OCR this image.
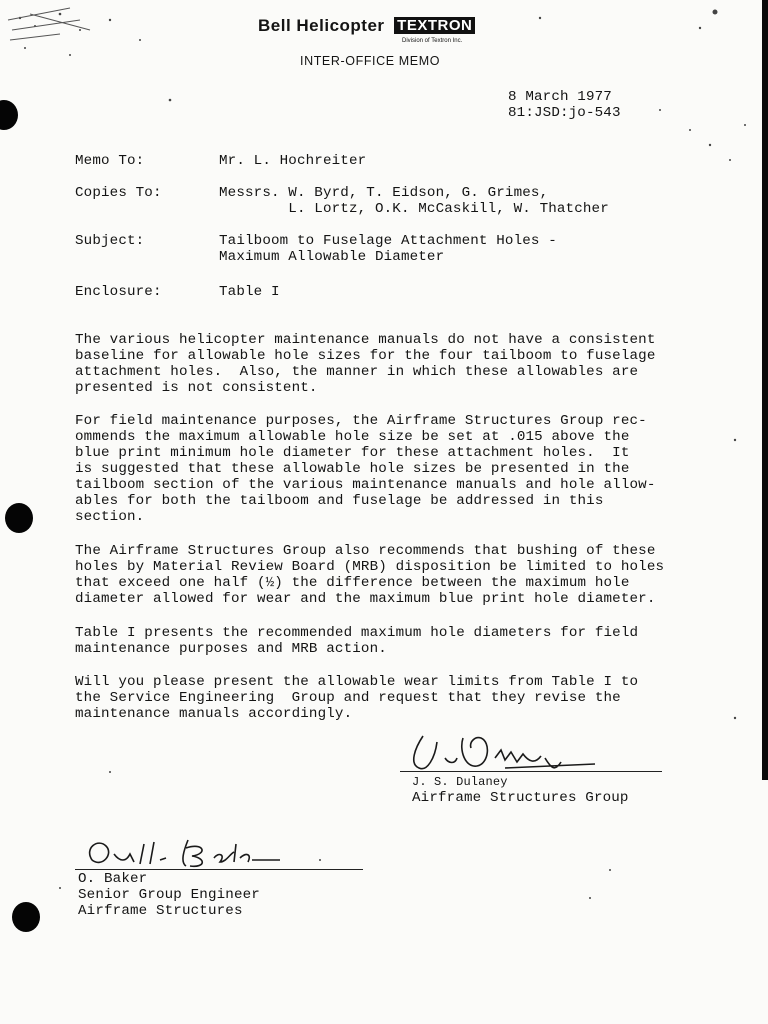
Bell Helicopter TEXTRON
Division of Textron Inc.
INTER-OFFICE MEMO
8 March 1977
81:JSD:jo-543
Memo To:	Mr. L. Hochreiter
Copies To:	Messrs. W. Byrd, T. Eidson, G. Grimes,
L. Lortz, O.K. McCaskill, W. Thatcher
Subject:	Tailboom to Fuselage Attachment Holes -
Maximum Allowable Diameter
Enclosure:	Table I
The various helicopter maintenance manuals do not have a consistent
baseline for allowable hole sizes for the four tailboom to fuselage
attachment holes.  Also, the manner in which these allowables are
presented is not consistent.
For field maintenance purposes, the Airframe Structures Group rec-
ommends the maximum allowable hole size be set at .015 above the
blue print minimum hole diameter for these attachment holes.  It
is suggested that these allowable hole sizes be presented in the
tailboom section of the various maintenance manuals and hole allow-
ables for both the tailboom and fuselage be addressed in this
section.
The Airframe Structures Group also recommends that bushing of these
holes by Material Review Board (MRB) disposition be limited to holes
that exceed one half (½) the difference between the maximum hole
diameter allowed for wear and the maximum blue print hole diameter.
Table I presents the recommended maximum hole diameters for field
maintenance purposes and MRB action.
Will you please present the allowable wear limits from Table I to
the Service Engineering  Group and request that they revise the
maintenance manuals accordingly.
J. S. Dulaney
Airframe Structures Group
O. Baker
Senior Group Engineer
Airframe Structures
